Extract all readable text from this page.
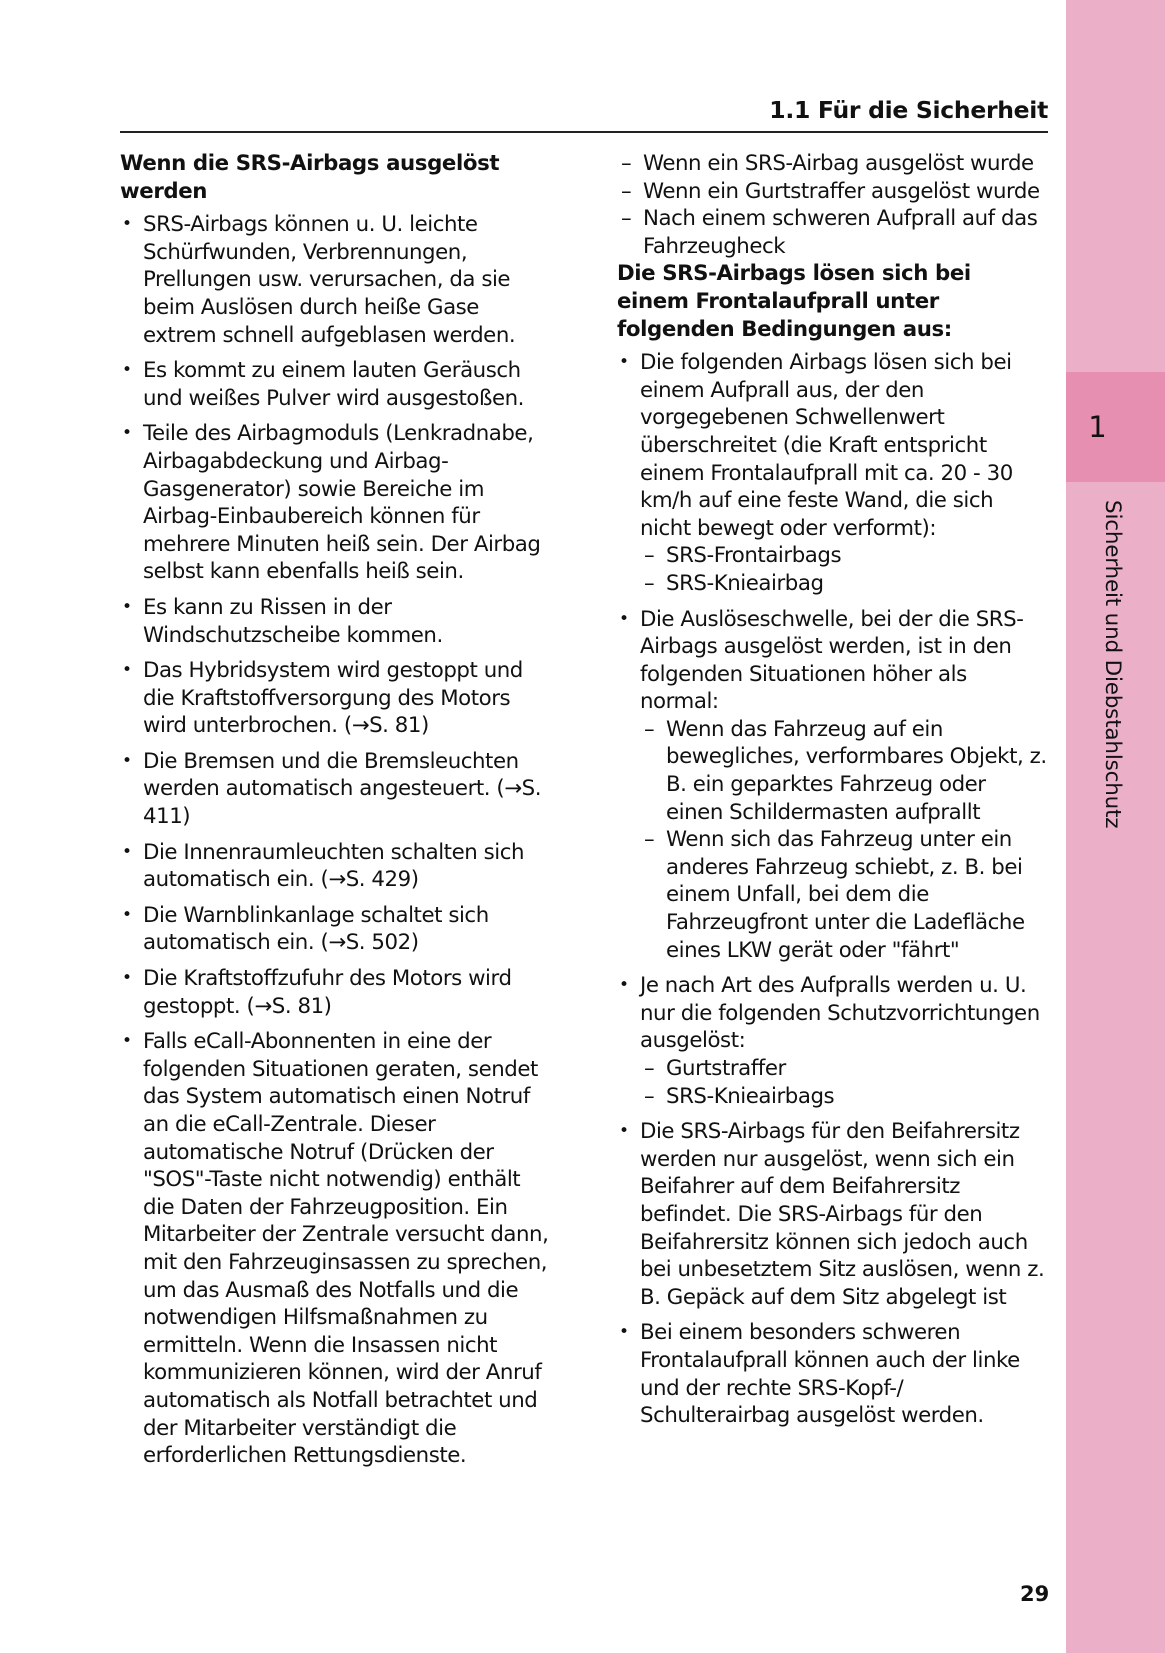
1
Sicherheit und Diebstahlschutz
1.1 Für die Sicherheit
Wenn die SRS-Airbags ausgelöst werden
• SRS-Airbags können u. U. leichte Schürfwunden, Verbrennungen, Prellungen usw. verursachen, da sie beim Auslösen durch heiße Gase extrem schnell aufgeblasen werden.
• Es kommt zu einem lauten Geräusch und weißes Pulver wird ausgestoßen.
• Teile des Airbagmoduls (Lenkradnabe, Airbagabdeckung und Airbag-Gasgenerator) sowie Bereiche im Airbag-Einbaubereich können für mehrere Minuten heiß sein. Der Airbag selbst kann ebenfalls heiß sein.
• Es kann zu Rissen in der Windschutzscheibe kommen.
• Das Hybridsystem wird gestoppt und die Kraftstoffversorgung des Motors wird unterbrochen. (→S. 81)
• Die Bremsen und die Bremsleuchten werden automatisch angesteuert. (→S. 411)
• Die Innenraumleuchten schalten sich automatisch ein. (→S. 429)
• Die Warnblinkanlage schaltet sich automatisch ein. (→S. 502)
• Die Kraftstoffzufuhr des Motors wird gestoppt. (→S. 81)
• Falls eCall-Abonnenten in eine der folgenden Situationen geraten, sendet das System automatisch einen Notruf an die eCall-Zentrale. Dieser automatische Notruf (Drücken der "SOS"-Taste nicht notwendig) enthält die Daten der Fahrzeugposition. Ein Mitarbeiter der Zentrale versucht dann, mit den Fahrzeuginsassen zu sprechen, um das Ausmaß des Notfalls und die notwendigen Hilfsmaßnahmen zu ermitteln. Wenn die Insassen nicht kommunizieren können, wird der Anruf automatisch als Notfall betrachtet und der Mitarbeiter verständigt die erforderlichen Rettungsdienste.
– Wenn ein SRS-Airbag ausgelöst wurde
– Wenn ein Gurtstraffer ausgelöst wurde
– Nach einem schweren Aufprall auf das Fahrzeugheck
Die SRS-Airbags lösen sich bei einem Frontalaufprall unter folgenden Bedingungen aus:
• Die folgenden Airbags lösen sich bei einem Aufprall aus, der den vorgegebenen Schwellenwert überschreitet (die Kraft entspricht einem Frontalaufprall mit ca. 20 - 30 km/h auf eine feste Wand, die sich nicht bewegt oder verformt):
– SRS-Frontairbags
– SRS-Knieairbag
• Die Auslöseschwelle, bei der die SRS-Airbags ausgelöst werden, ist in den folgenden Situationen höher als normal:
– Wenn das Fahrzeug auf ein bewegliches, verformbares Objekt, z. B. ein geparktes Fahrzeug oder einen Schildermasten aufprallt
– Wenn sich das Fahrzeug unter ein anderes Fahrzeug schiebt, z. B. bei einem Unfall, bei dem die Fahrzeugfront unter die Ladefläche eines LKW gerät oder "fährt"
• Je nach Art des Aufpralls werden u. U. nur die folgenden Schutzvorrichtungen ausgelöst:
– Gurtstraffer
– SRS-Knieairbags
• Die SRS-Airbags für den Beifahrersitz werden nur ausgelöst, wenn sich ein Beifahrer auf dem Beifahrersitz befindet. Die SRS-Airbags für den Beifahrersitz können sich jedoch auch bei unbesetztem Sitz auslösen, wenn z. B. Gepäck auf dem Sitz abgelegt ist
• Bei einem besonders schweren Frontalaufprall können auch der linke und der rechte SRS-Kopf-/ Schulterairbag ausgelöst werden.
29
